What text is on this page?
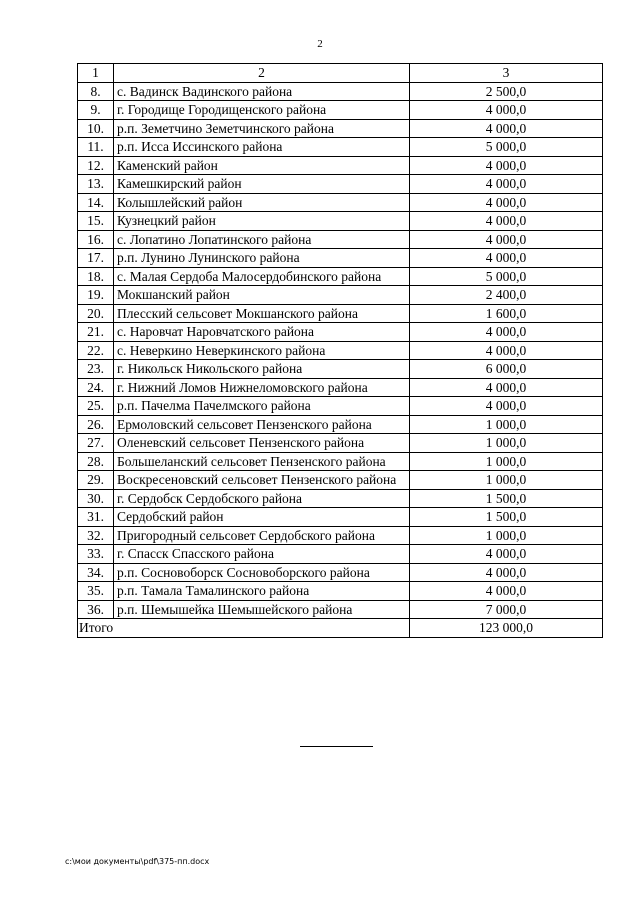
2
1	2	3
8.	с. Вадинск Вадинского района	2 500,0
9.	г. Городище Городищенского района	4 000,0
10.	р.п. Земетчино Земетчинского района	4 000,0
11.	р.п. Исса Иссинского района	5 000,0
12.	Каменский район	4 000,0
13.	Камешкирский район	4 000,0
14.	Колышлейский район	4 000,0
15.	Кузнецкий район	4 000,0
16.	с. Лопатино Лопатинского района	4 000,0
17.	р.п. Лунино Лунинского района	4 000,0
18.	с. Малая Сердоба Малосердобинского района	5 000,0
19.	Мокшанский район	2 400,0
20.	Плесский сельсовет Мокшанского района	1 600,0
21.	с. Наровчат Наровчатского района	4 000,0
22.	с. Неверкино Неверкинского района	4 000,0
23.	г. Никольск Никольского района	6 000,0
24.	г. Нижний Ломов Нижнеломовского района	4 000,0
25.	р.п. Пачелма Пачелмского района	4 000,0
26.	Ермоловский сельсовет Пензенского района	1 000,0
27.	Оленевский сельсовет Пензенского района	1 000,0
28.	Большеланский сельсовет Пензенского района	1 000,0
29.	Воскресеновский сельсовет Пензенского района	1 000,0
30.	г. Сердобск Сердобского района	1 500,0
31.	Сердобский район	1 500,0
32.	Пригородный сельсовет Сердобского района	1 000,0
33.	г. Спасск Спасского района	4 000,0
34.	р.п. Сосновоборск Сосновоборского района	4 000,0
35.	р.п. Тамала Тамалинского района	4 000,0
36.	р.п. Шемышейка Шемышейского района	7 000,0
Итого		123 000,0
c:\мои документы\pdf\375-пп.docx
